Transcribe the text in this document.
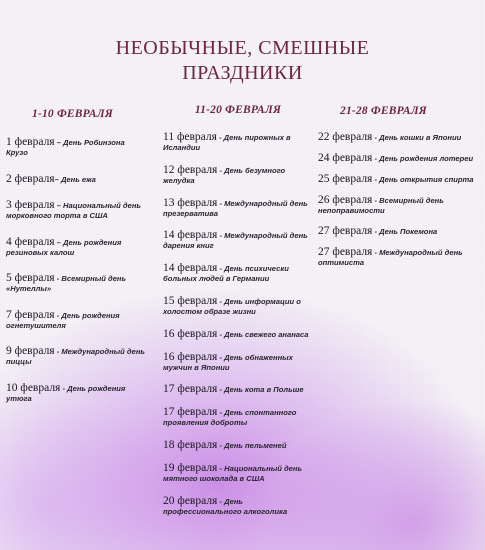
НЕОБЫЧНЫЕ, СМЕШНЫЕ
ПРАЗДНИКИ
1-10 ФЕВРАЛЯ
1 февраля – День Робинзона Крузо
2 февраля– День ежа
3 февраля – Национальный день морковного торта в США
4 февраля – День рождения резиновых калош
5 февраля - Всемирный день «Нутеллы»
7 февраля - День рождения огнетушителя
9 февраля - Международный день пиццы
10 февраля - День рождения утюга
11-20 ФЕВРАЛЯ
11 февраля - День пирожных в Исландии
12 февраля - День безумного желудка
13 февраля - Международный день презерватива
14 февраля - Международный день дарения книг
14 февраля - День психически больных людей в Германии
15 февраля - День информации о холостом образе жизни
16 февраля - День свежего ананаса
16 февраля - День обнаженных мужчин в Японии
17 февраля - День кота в Польше
17 февраля - День спонтанного проявления доброты
18 февраля - День пельменей
19 февраля - Национальный день мятного шоколада в США
20 февраля - День профессионального алкоголика
21-28 ФЕВРАЛЯ
22 февраля - День кошки в Японии
24 февраля - День рождения лотереи
25 февраля - День открытия спирта
26 февраля - Всемирный день непоправимости
27 февраля - День Покемона
27 февраля - Международный день оптимиста
